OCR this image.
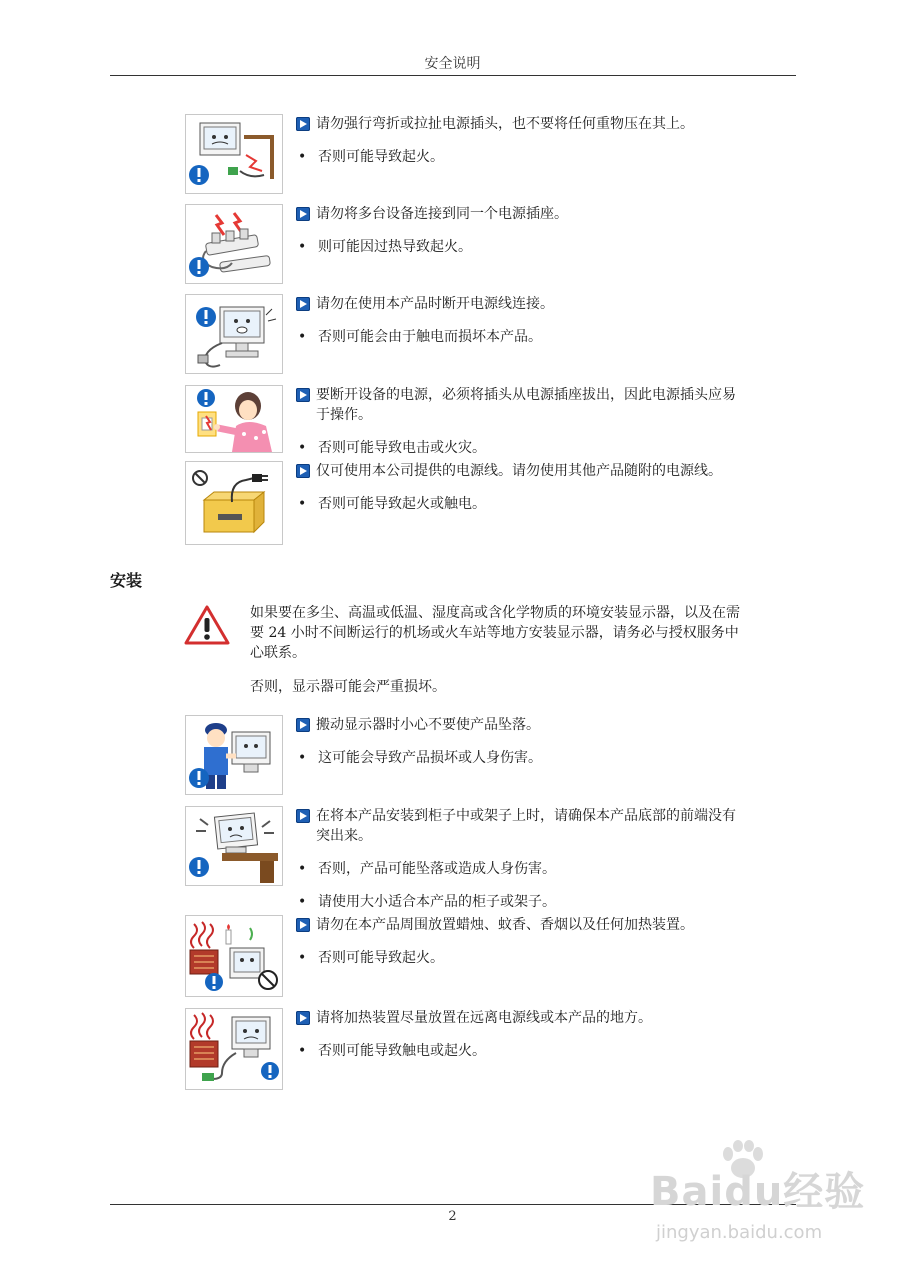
安全说明
请勿强行弯折或拉扯电源插头，也不要将任何重物压在其上。
• 否则可能导致起火。
请勿将多台设备连接到同一个电源插座。
• 则可能因过热导致起火。
请勿在使用本产品时断开电源线连接。
• 否则可能会由于触电而损坏本产品。
要断开设备的电源，必须将插头从电源插座拔出，因此电源插头应易于操作。
• 否则可能导致电击或火灾。
仅可使用本公司提供的电源线。请勿使用其他产品随附的电源线。
• 否则可能导致起火或触电。
安装
如果要在多尘、高温或低温、湿度高或含化学物质的环境安装显示器，以及在需要 24 小时不间断运行的机场或火车站等地方安装显示器，请务必与授权服务中心联系。
否则，显示器可能会严重损坏。
搬动显示器时小心不要使产品坠落。
• 这可能会导致产品损坏或人身伤害。
在将本产品安装到柜子中或架子上时，请确保本产品底部的前端没有突出来。
• 否则，产品可能坠落或造成人身伤害。
• 请使用大小适合本产品的柜子或架子。
请勿在本产品周围放置蜡烛、蚊香、香烟以及任何加热装置。
• 否则可能导致起火。
请将加热装置尽量放置在远离电源线或本产品的地方。
• 否则可能导致触电或起火。
2
Baidu经验
jingyan.baidu.com
